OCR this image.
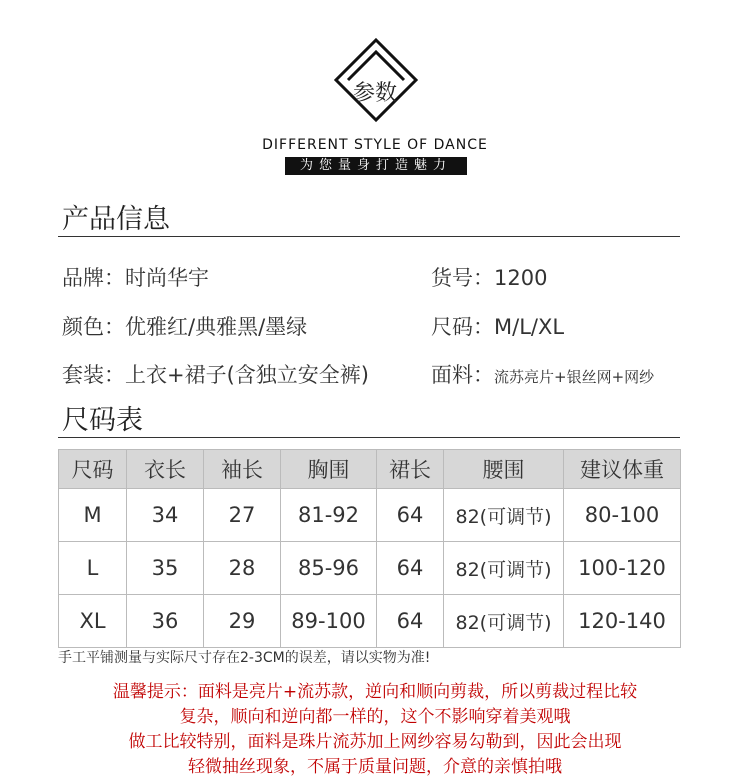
参数
DIFFERENT STYLE OF DANCE
为您量身打造魅力
产品信息
品牌：时尚华宇	货号：1200
颜色：优雅红/典雅黑/墨绿	尺码：M/L/XL
套装：上衣+裙子(含独立安全裤)	面料：流苏亮片+银丝网+网纱
尺码表
尺码	衣长	袖长	胸围	裙长	腰围	建议体重
M	34	27	81-92	64	82(可调节)	80-100
L	35	28	85-96	64	82(可调节)	100-120
XL	36	29	89-100	64	82(可调节)	120-140
手工平铺测量与实际尺寸存在2-3CM的误差，请以实物为准!
温馨提示：面料是亮片+流苏款，逆向和顺向剪裁，所以剪裁过程比较
复杂，顺向和逆向都一样的，这个不影响穿着美观哦
做工比较特别，面料是珠片流苏加上网纱容易勾勒到，因此会出现
轻微抽丝现象，不属于质量问题，介意的亲慎拍哦
